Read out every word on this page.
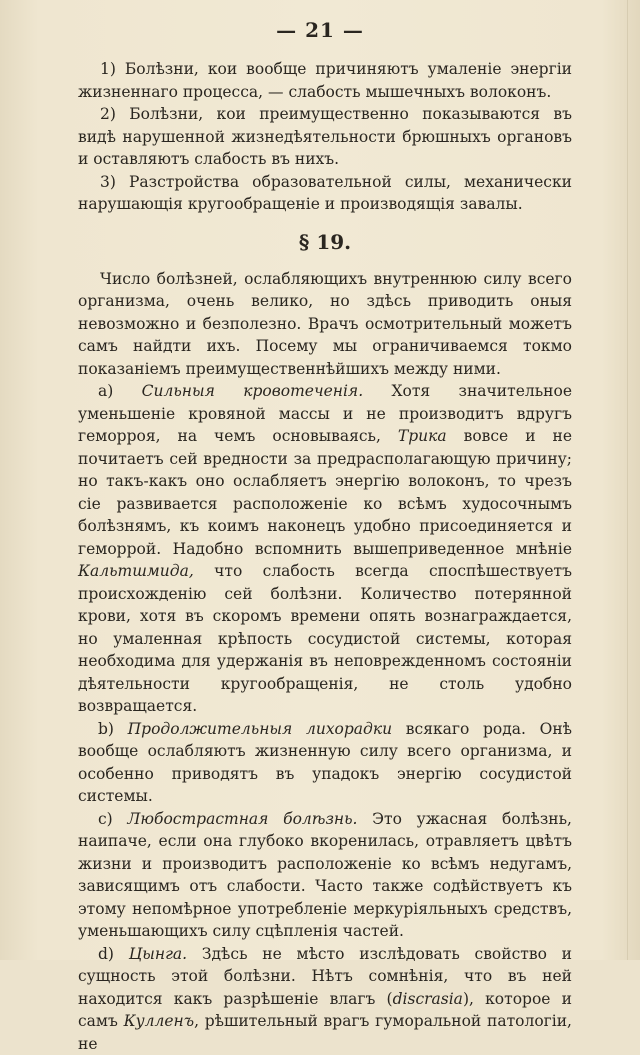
— 21 —

1) Болѣзни, кои вообще причиняютъ умаленіе энергіи жизненнаго процесса, — слабость мышечныхъ волоконъ.

2) Болѣзни, кои преимущественно показываются въ видѣ нарушенной жизнедѣятельности брюшныхъ органовъ и оставляютъ слабость въ нихъ.

3) Разстройства образовательной силы, механически нарушающія кругообращеніе и производящія завалы.

§ 19.

Число болѣзней, ослабляющихъ внутреннюю силу всего организма, очень велико, но здѣсь приводить оныя невозможно и безполезно. Врачъ осмотрительный можетъ самъ найдти ихъ. Посему мы ограничиваемся токмо показаніемъ преимущественнѣйшихъ между ними.

a) Сильныя кровотеченія. Хотя значительное уменьшеніе кровяной массы и не производитъ вдругъ геморроя, на чемъ основываясь, Трика вовсе и не почитаетъ сей вредности за предрасполагающую причину; но такъ-какъ оно ослабляетъ энергію волоконъ, то чрезъ сіе развивается расположеніе ко всѣмъ худосочнымъ болѣзнямъ, къ коимъ наконецъ удобно присоединяется и геморрой. Надобно вспомнить вышеприведенное мнѣніе Кальтшмида, что слабость всегда споспѣшествуетъ происхожденію сей болѣзни. Количество потерянной крови, хотя въ скоромъ времени опять вознаграждается, но умаленная крѣпость сосудистой системы, которая необходима для удержанія въ неповрежденномъ состояніи дѣятельности кругообращенія, не столь удобно возвращается.

b) Продолжительныя лихорадки всякаго рода. Онѣ вообще ослабляютъ жизненную силу всего организма, и особенно приводятъ въ упадокъ энергію сосудистой системы.

c) Любострастная болѣзнь. Это ужасная болѣзнь, наипаче, если она глубоко вкоренилась, отравляетъ цвѣтъ жизни и производитъ расположеніе ко всѣмъ недугамъ, зависящимъ отъ слабости. Часто также содѣйствуетъ къ этому непомѣрное употребленіе меркуріяльныхъ средствъ, уменьшающихъ силу сцѣпленія частей.

d) Цынга. Здѣсь не мѣсто изслѣдовать свойство и сущность этой болѣзни. Нѣтъ сомнѣнія, что въ ней находится какъ разрѣшеніе влагъ (discrasia), которое и самъ Кулленъ, рѣшительный врагъ гуморальной патологіи, не
